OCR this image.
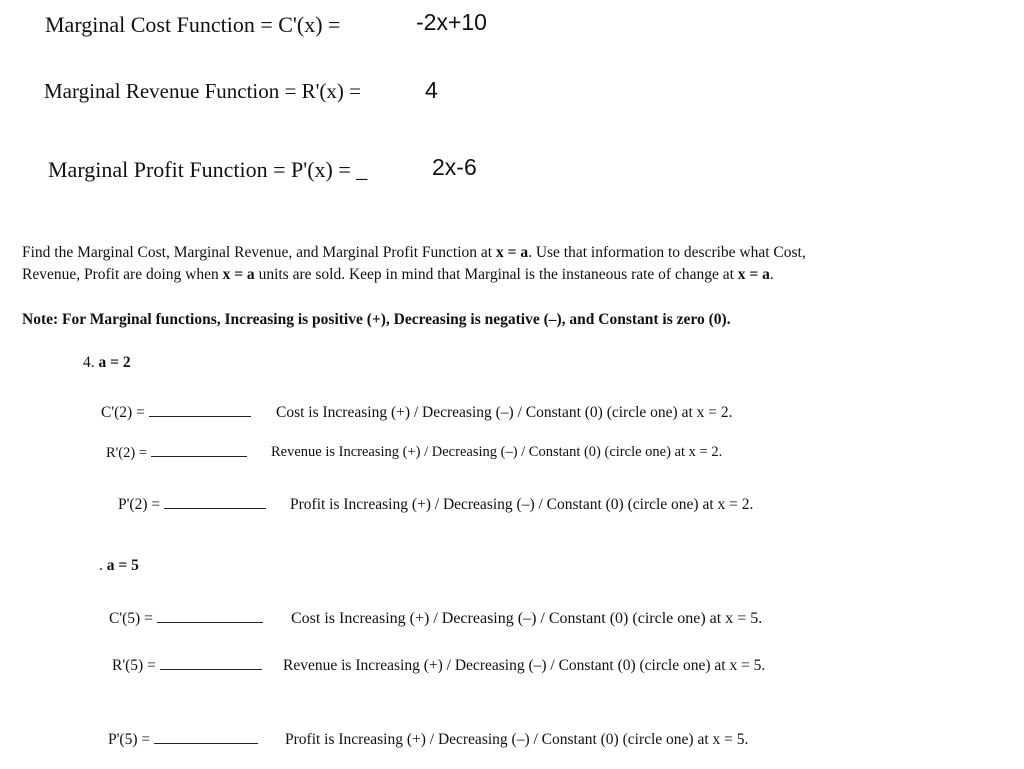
Marginal Cost Function = C'(x) =	-2x+10
Marginal Revenue Function = R'(x) =	4
Marginal Profit Function = P'(x) = _	2x-6
Find the Marginal Cost, Marginal Revenue, and Marginal Profit Function at x = a. Use that information to describe what Cost,
Revenue, Profit are doing when x = a units are sold. Keep in mind that Marginal is the instaneous rate of change at x = a.
Note: For Marginal functions, Increasing is positive (+), Decreasing is negative (–), and Constant is zero (0).
4. a = 2
C'(2) =	Cost is Increasing (+) / Decreasing (–) / Constant (0) (circle one) at x = 2.
R'(2) =	Revenue is Increasing (+) / Decreasing (–) / Constant (0) (circle one) at x = 2.
P'(2) =	Profit is Increasing (+) / Decreasing (–) / Constant (0) (circle one) at x = 2.
. a = 5
C'(5) =	Cost is Increasing (+) / Decreasing (–) / Constant (0) (circle one) at x = 5.
R'(5) =	Revenue is Increasing (+) / Decreasing (–) / Constant (0) (circle one) at x = 5.
P'(5) =	Profit is Increasing (+) / Decreasing (–) / Constant (0) (circle one) at x = 5.
